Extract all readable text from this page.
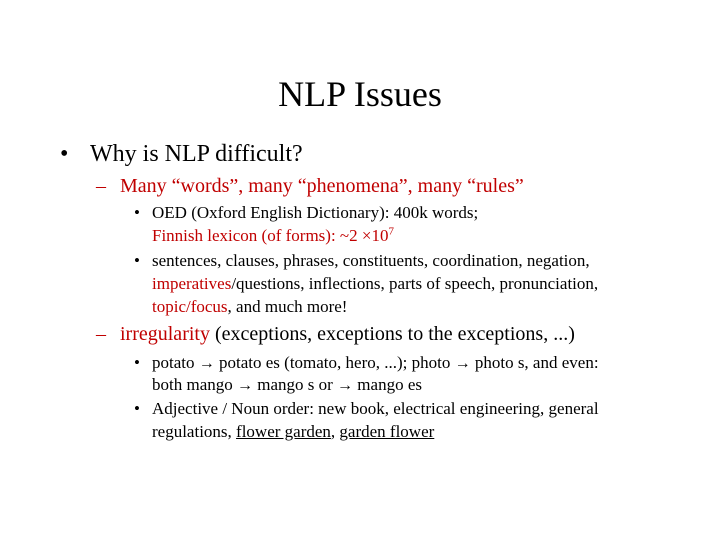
NLP Issues
• Why is NLP difficult?
– Many “words”, many “phenomena”, many “rules”
• OED (Oxford English Dictionary): 400k words;
Finnish lexicon (of forms): ~2 $\times 10^7$
• sentences, clauses, phrases, constituents, coordination, negation,
imperatives/questions, inflections, parts of speech, pronunciation,
topic/focus, and much more!
– irregularity (exceptions, exceptions to the exceptions, ...)
• potato → potato es (tomato, hero, ...); photo → photo s, and even:
both mango → mango s or → mango es
• Adjective / Noun order: new book, electrical engineering, general
regulations, flower garden, garden flower
